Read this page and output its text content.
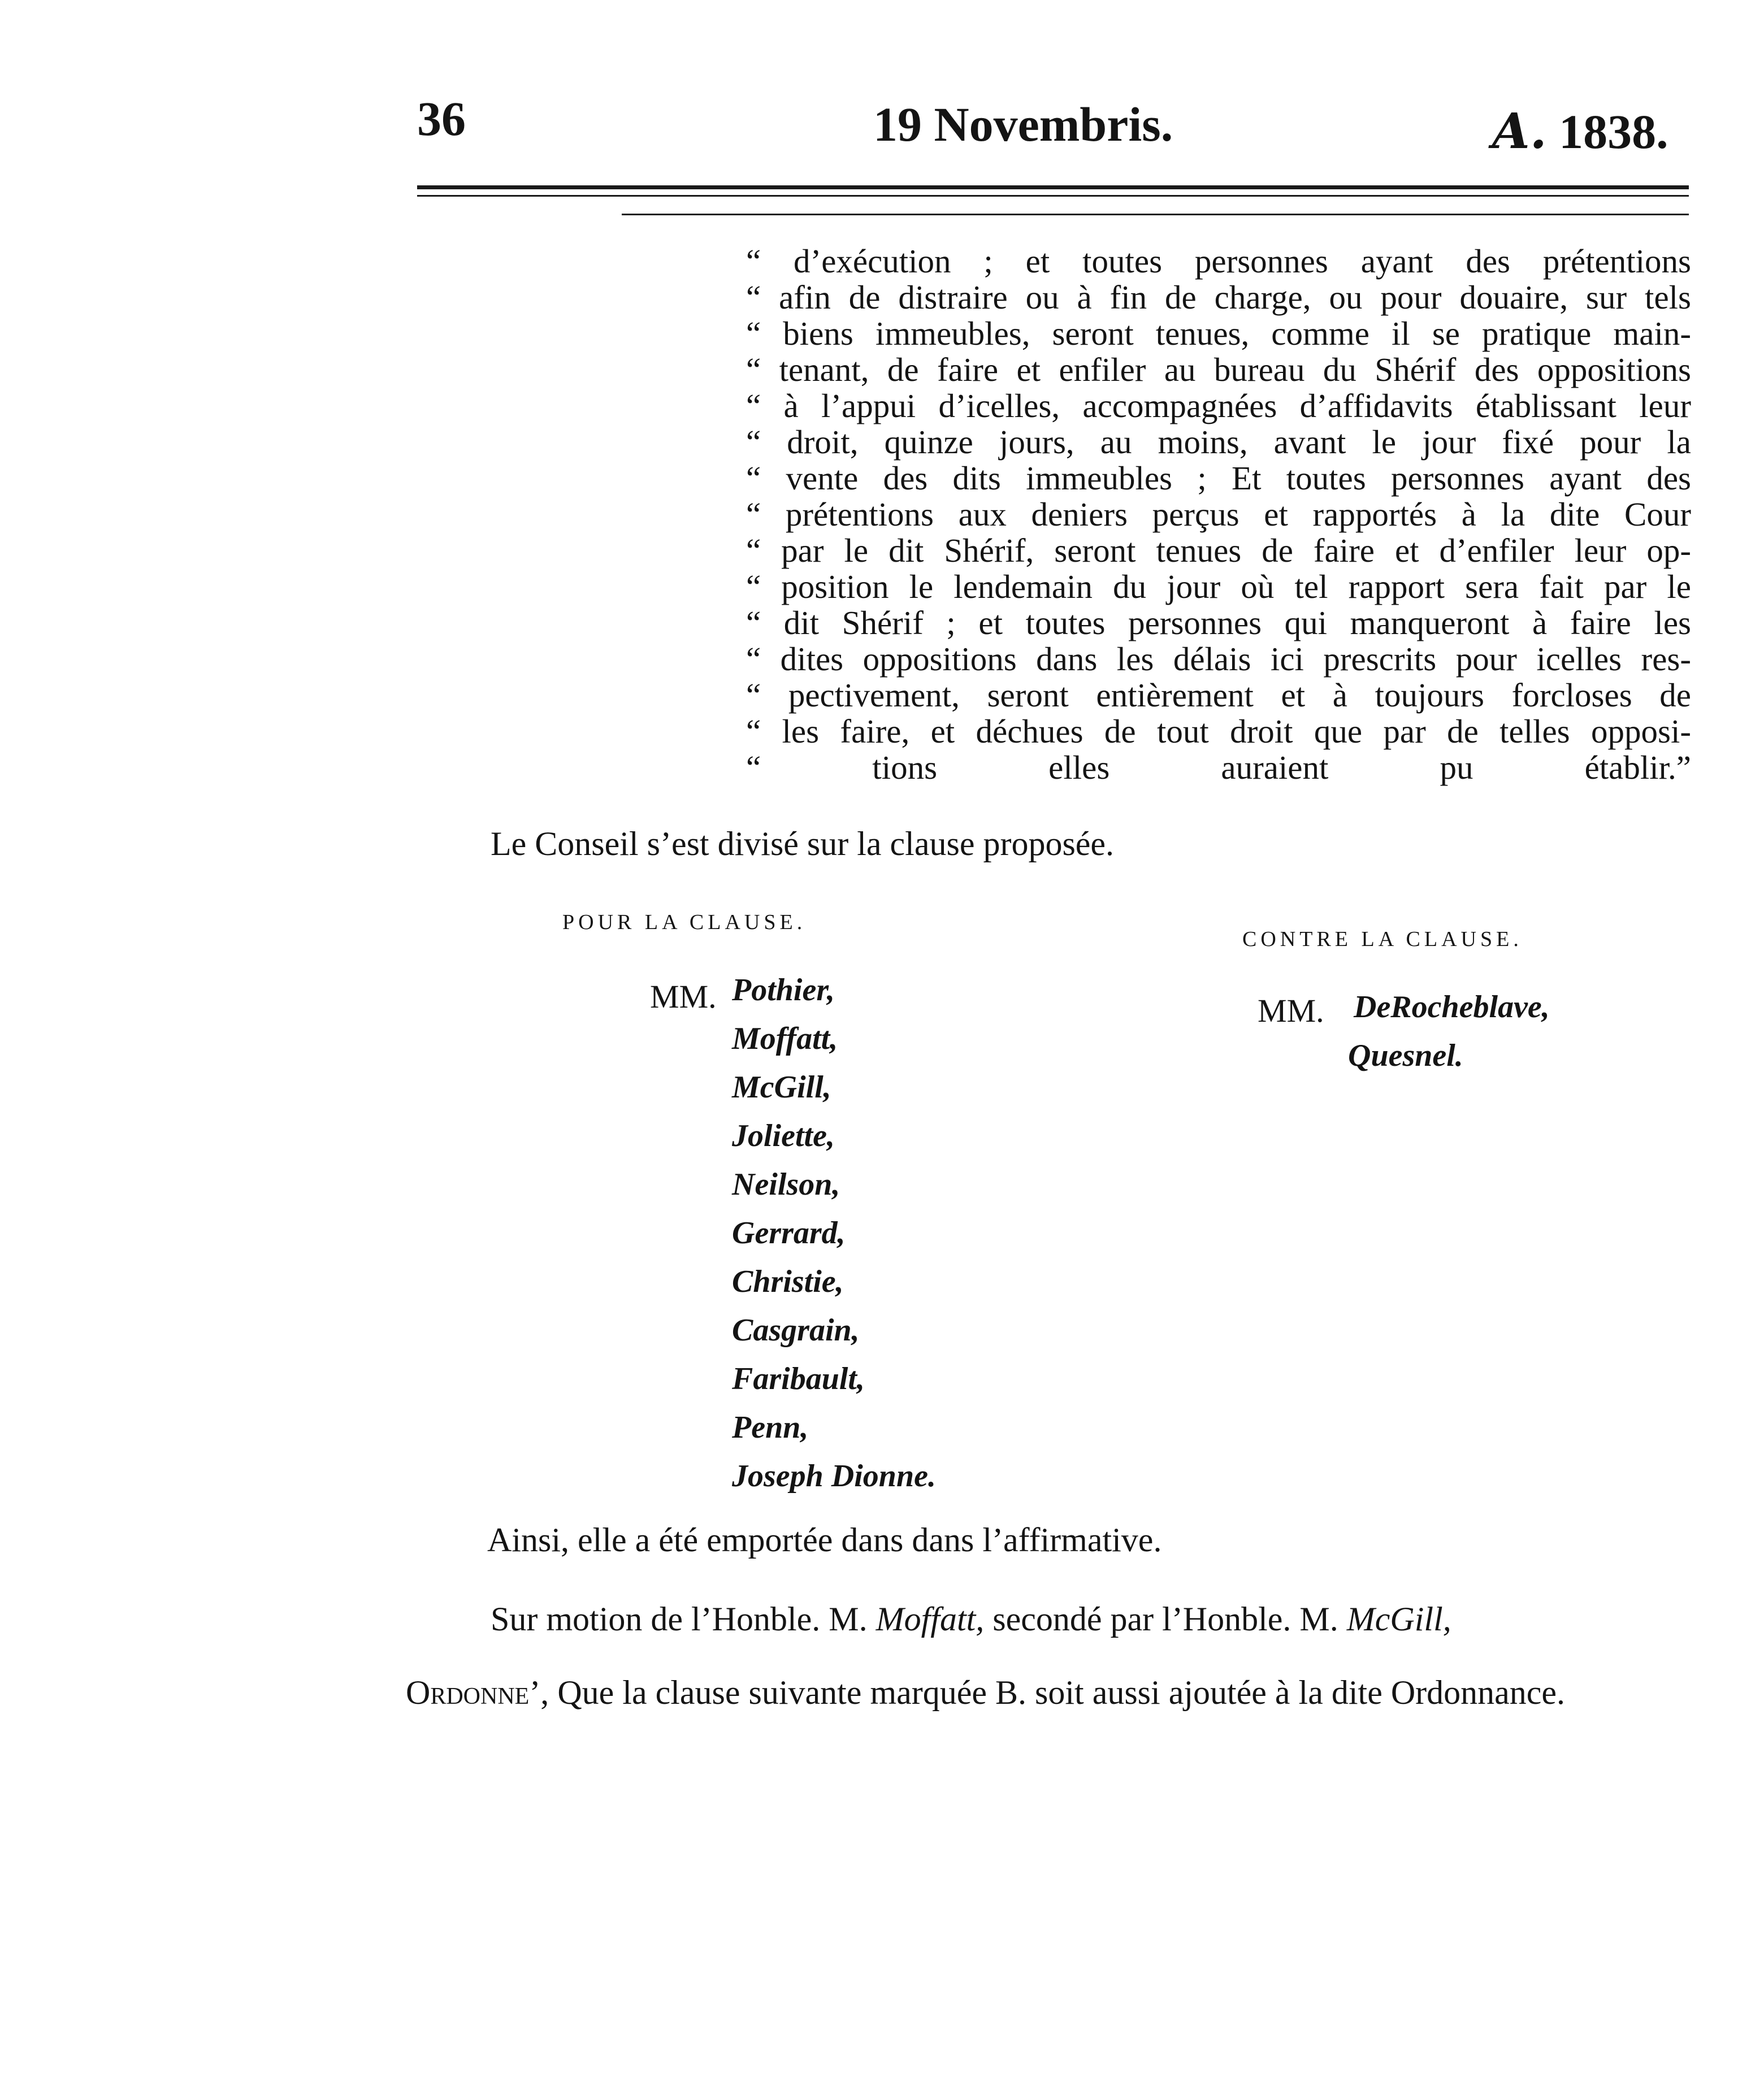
36	19 Novembris.	A. 1838.
“ d’exécution ; et toutes personnes ayant des prétentions
“ afin de distraire ou à fin de charge, ou pour douaire, sur tels
“ biens immeubles, seront tenues, comme il se pratique main-
“ tenant, de faire et enfiler au bureau du Shérif des oppositions
“ à l’appui d’icelles, accompagnées d’affidavits établissant leur
“ droit, quinze jours, au moins, avant le jour fixé pour la
“ vente des dits immeubles ; Et toutes personnes ayant des
“ prétentions aux deniers perçus et rapportés à la dite Cour
“ par le dit Shérif, seront tenues de faire et d’enfiler leur op-
“ position le lendemain du jour où tel rapport sera fait par le
“ dit Shérif ; et toutes personnes qui manqueront à faire les
“ dites oppositions dans les délais ici prescrits pour icelles res-
“ pectivement, seront entièrement et à toujours forcloses de
“ les faire, et déchues de tout droit que par de telles opposi-
“ tions elles auraient pu établir.”
Le Conseil s’est divisé sur la clause proposée.
POUR LA CLAUSE.
MM. Pothier,
Moffatt,
McGill,
Joliette,
Neilson,
Gerrard,
Christie,
Casgrain,
Faribault,
Penn,
Joseph Dionne.
CONTRE LA CLAUSE.
MM. DeRocheblave,
Quesnel.
Ainsi, elle a été emportée dans dans l’affirmative.
Sur motion de l’Honble. M. Moffatt, secondé par l’Honble. M. McGill,
Ordonne’, Que la clause suivante marquée B. soit aussi ajoutée à la dite Ordonnance.
